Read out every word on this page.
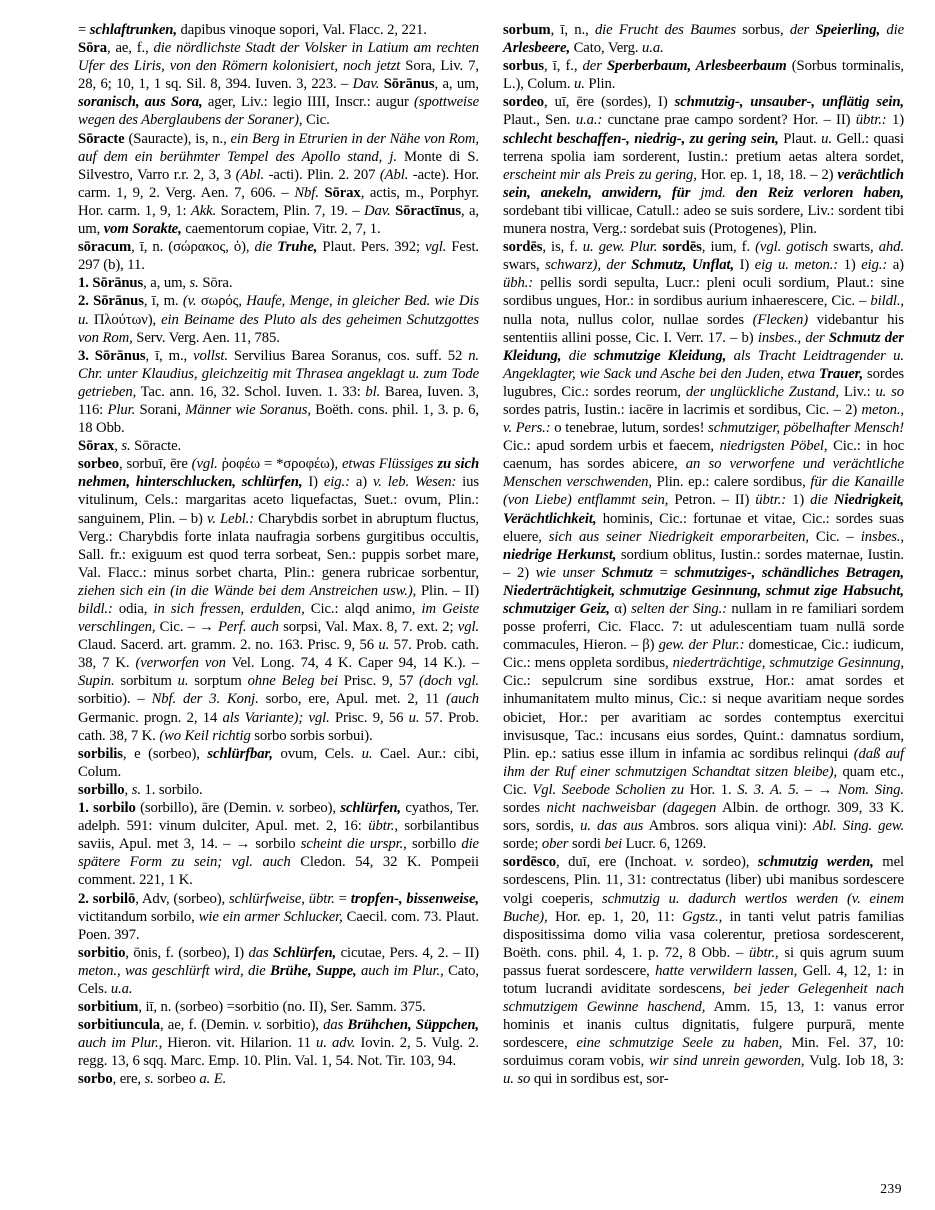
= schlaftrunken, dapibus vinoque sopori, Val. Flacc. 2, 221.

Sōra, ae, f., die nördlichste Stadt der Volsker in Latium am rechten Ufer des Liris, von den Römern kolonisiert, noch jetzt Sora, Liv. 7, 28, 6; 10, 1, 1 sq. Sil. 8, 394. Iuven. 3, 223. – Dav. Sōrānus, a, um, soranisch, aus Sora, ager, Liv.: legio IIII, Inscr.: augur (spottweise wegen des Aberglaubens der Soraner), Cic.

Sōracte (Sauracte), is, n., ein Berg in Etrurien in der Nähe von Rom, auf dem ein berühmter Tempel des Apollo stand, j. Monte di S. Silvestro, Varro r.r. 2, 3, 3 (Abl. -acti). Plin. 2. 207 (Abl. -acte). Hor. carm. 1, 9, 2. Verg. Aen. 7, 606. – Nbf. Sōrax, actis, m., Porphyr. Hor. carm. 1, 9, 1: Akk. Soractem, Plin. 7, 19. – Dav. Sōractīnus, a, um, vom Sorakte, caementorum copiae, Vitr. 2, 7, 1.

sōracum, ī, n. (σώρακος, ὁ), die Truhe, Plaut. Pers. 392; vgl. Fest. 297 (b), 11.

1. Sōrānus, a, um, s. Sōra.

2. Sōrānus, ī, m. (v. σωρός, Haufe, Menge, in gleicher Bed. wie Dis u. Πλούτων), ein Beiname des Pluto als des geheimen Schutzgottes von Rom, Serv. Verg. Aen. 11, 785.

3. Sōrānus, ī, m., vollst. Servilius Barea Soranus, cos. suff. 52 n. Chr. unter Klaudius, gleichzeitig mit Thrasea angeklagt u. zum Tode getrieben, Tac. ann. 16, 32. Schol. Iuven. 1. 33: bl. Barea, Iuven. 3, 116: Plur. Sorani, Männer wie Soranus, Boëth. cons. phil. 1, 3. p. 6, 18 Obb.

Sōrax, s. Sōracte.

sorbeo, sorbuī, ēre (vgl. ῥοφέω = *σροφέω), etwas Flüssiges zu sich nehmen, hinterschlucken, schlürfen, I) eig.: a) v. leb. Wesen: ius vitulinum, Cels.: margaritas aceto liquefactas, Suet.: ovum, Plin.: sanguinem, Plin. – b) v. Lebl.: Charybdis sorbet in abruptum fluctus, Verg.: Charybdis forte inlata naufragia sorbens gurgitibus occultis, Sall. fr.: exiguum est quod terra sorbeat, Sen.: puppis sorbet mare, Val. Flacc.: minus sorbet charta, Plin.: genera rubricae sorbentur, ziehen sich ein (in die Wände bei dem Anstreichen usw.), Plin. – II) bildl.: odia, in sich fressen, erdulden, Cic.: alqd animo, im Geiste verschlingen, Cic. – → Perf. auch sorpsi, Val. Max. 8, 7. ext. 2; vgl. Claud. Sacerd. art. gramm. 2. no. 163. Prisc. 9, 56 u. 57. Prob. cath. 38, 7 K. (verworfen von Vel. Long. 74, 4 K. Caper 94, 14 K.). – Supin. sorbitum u. sorptum ohne Beleg bei Prisc. 9, 57 (doch vgl. sorbitio). – Nbf. der 3. Konj. sorbo, ere, Apul. met. 2, 11 (auch Germanic. progn. 2, 14 als Variante); vgl. Prisc. 9, 56 u. 57. Prob. cath. 38, 7 K. (wo Keil richtig sorbo sorbis sorbui).

sorbilis, e (sorbeo), schlürfbar, ovum, Cels. u. Cael. Aur.: cibi, Colum.

sorbillo, s. 1. sorbilo.

1. sorbilo (sorbillo), āre (Demin. v. sorbeo), schlürfen, cyathos, Ter. adelph. 591: vinum dulciter, Apul. met. 2, 16: übtr., sorbilantibus saviis, Apul. met 3, 14. – → sorbilo scheint die urspr., sorbillo die spätere Form zu sein; vgl. auch Cledon. 54, 32 K. Pompeii comment. 221, 1 K.

2. sorbilō, Adv, (sorbeo), schlürfweise, übtr. = tropfen-, bissenweise, victitandum sorbilo, wie ein armer Schlucker, Caecil. com. 73. Plaut. Poen. 397.

sorbitio, ōnis, f. (sorbeo), I) das Schlürfen, cicutae, Pers. 4, 2. – II) meton., was geschlürft wird, die Brühe, Suppe, auch im Plur., Cato, Cels. u.a.

sorbitium, iī, n. (sorbeo) =sorbitio (no. II), Ser. Samm. 375.

sorbitiuncula, ae, f. (Demin. v. sorbitio), das Brühchen, Süppchen, auch im Plur., Hieron. vit. Hilarion. 11 u. adv. Iovin. 2, 5. Vulg. 2. regg. 13, 6 sqq. Marc. Emp. 10. Plin. Val. 1, 54. Not. Tir. 103, 94.

sorbo, ere, s. sorbeo a. E.

sorbum, ī, n., die Frucht des Baumes sorbus, der Speierling, die Arlesbeere, Cato, Verg. u.a.

sorbus, ī, f., der Sperberbaum, Arlesbeerbaum (Sorbus torminalis, L.), Colum. u. Plin.

sordeo, uī, ēre (sordes), I) schmutzig-, unsauber-, unflätig sein, Plaut., Sen. u.a.: cunctane prae campo sordent? Hor. – II) übtr.: 1) schlecht beschaffen-, niedrig-, zu gering sein, Plaut. u. Gell.: quasi terrena spolia iam sorderent, Iustin.: pretium aetas altera sordet, erscheint mir als Preis zu gering, Hor. ep. 1, 18, 18. – 2) verächtlich sein, anekeln, anwidern, für jmd. den Reiz verloren haben, sordebant tibi villicae, Catull.: adeo se suis sordere, Liv.: sordent tibi munera nostra, Verg.: sordebat suis (Protogenes), Plin.

sordēs, is, f. u. gew. Plur. sordēs, ium, f. (vgl. gotisch swarts, ahd. swars, schwarz), der Schmutz, Unflat, I) eig u. meton.: 1) eig.: a) übh.: pellis sordi sepulta, Lucr.: pleni oculi sordium, Plaut.: sine sordibus ungues, Hor.: in sordibus aurium inhaerescere, Cic. – bildl., nulla nota, nullus color, nullae sordes (Flecken) videbantur his sententiis allini posse, Cic. I. Verr. 17. – b) insbes., der Schmutz der Kleidung, die schmutzige Kleidung, als Tracht Leidtragender u. Angeklagter, wie Sack und Asche bei den Juden, etwa Trauer, sordes lugubres, Cic.: sordes reorum, der unglückliche Zustand, Liv.: u. so sordes patris, Iustin.: iacēre in lacrimis et sordibus, Cic. – 2) meton., v. Pers.: o tenebrae, lutum, sordes! schmutziger, pöbelhafter Mensch! Cic.: apud sordem urbis et faecem, niedrigsten Pöbel, Cic.: in hoc caenum, has sordes abicere, an so verworfene und verächtliche Menschen verschwenden, Plin. ep.: calere sordibus, für die Kanaille (von Liebe) entflammt sein, Petron. – II) übtr.: 1) die Niedrigkeit, Verächtlichkeit, hominis, Cic.: fortunae et vitae, Cic.: sordes suas eluere, sich aus seiner Niedrigkeit emporarbeiten, Cic. – insbes., niedrige Herkunst, sordium oblitus, Iustin.: sordes maternae, Iustin. – 2) wie unser Schmutz = schmutziges-, schändliches Betragen, Niederträchtigkeit, schmutzige Gesinnung, schmut zige Habsucht, schmutziger Geiz, α) selten der Sing.: nullam in re familiari sordem posse proferri, Cic. Flacc. 7: ut adulescentiam tuam nullā sorde commacules, Hieron. – β) gew. der Plur.: domesticae, Cic.: iudicum, Cic.: mens oppleta sordibus, niederträchtige, schmutzige Gesinnung, Cic.: sepulcrum sine sordibus exstrue, Hor.: amat sordes et inhumanitatem multo minus, Cic.: si neque avaritiam neque sordes obiciet, Hor.: per avaritiam ac sordes contemptus exercitui invisusque, Tac.: incusans eius sordes, Quint.: damnatus sordium, Plin. ep.: satius esse illum in infamia ac sordibus relinqui (daß auf ihm der Ruf einer schmutzigen Schandtat sitzen bleibe), quam etc., Cic. Vgl. Seebode Scholien zu Hor. 1. S. 3. A. 5. – → Nom. Sing. sordes nicht nachweisbar (dagegen Albin. de orthogr. 309, 33 K. sors, sordis, u. das aus Ambros. sors aliqua vini): Abl. Sing. gew. sorde; ober sordi bei Lucr. 6, 1269.

sordēsco, duī, ere (Inchoat. v. sordeo), schmutzig werden, mel sordescens, Plin. 11, 31: contrectatus (liber) ubi manibus sordescere volgi coeperis, schmutzig u. dadurch wertlos werden (v. einem Buche), Hor. ep. 1, 20, 11: Ggstz., in tanti velut patris familias dispositissima domo vilia vasa colerentur, pretiosa sordescerent, Boëth. cons. phil. 4, 1. p. 72, 8 Obb. – übtr., si quis agrum suum passus fuerat sordescere, hatte verwildern lassen, Gell. 4, 12, 1: in totum lucrandi aviditate sordescens, bei jeder Gelegenheit nach schmutzigem Gewinne haschend, Amm. 15, 13, 1: vanus error hominis et inanis cultus dignitatis, fulgere purpurā, mente sordescere, eine schmutzige Seele zu haben, Min. Fel. 37, 10: sorduimus coram vobis, wir sind unrein geworden, Vulg. Iob 18, 3: u. so qui in sordibus est, sor-

239
